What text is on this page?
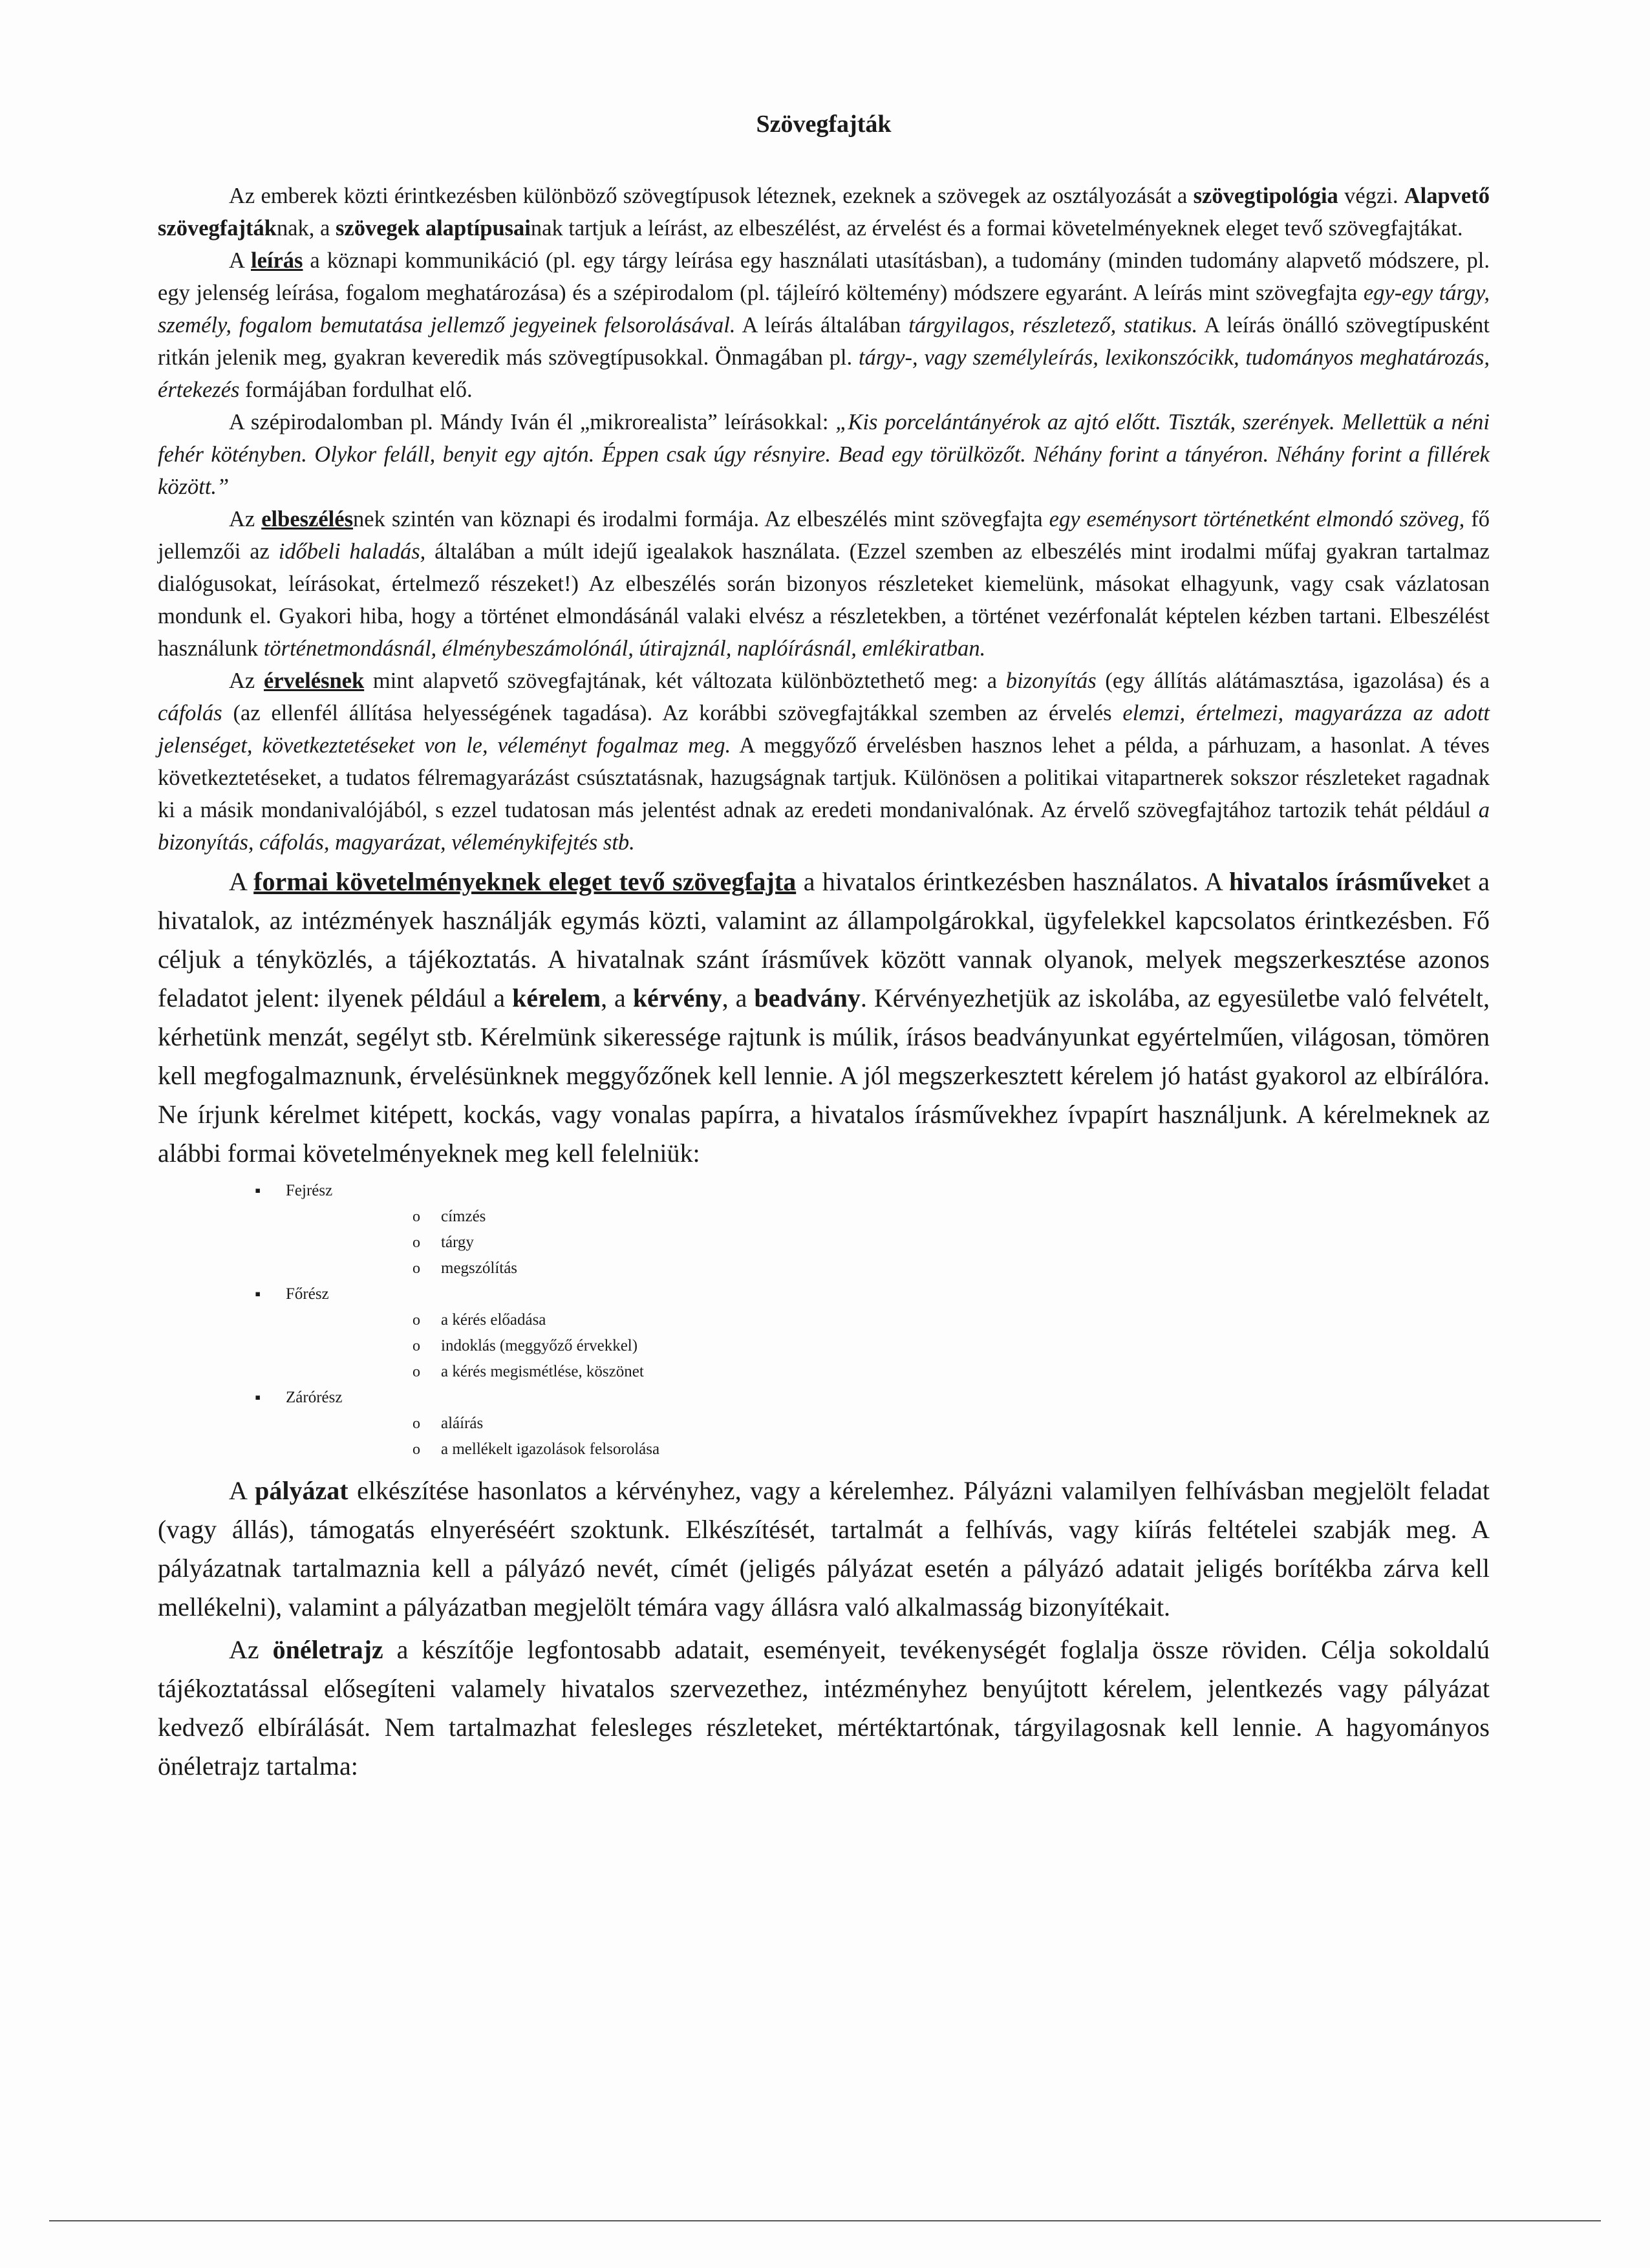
Szövegfajták

Az emberek közti érintkezésben különböző szövegtípusok léteznek, ezeknek a szövegek az osztályozását a szövegtipológia végzi. Alapvető szövegfajtáknak, a szövegek alaptípusainak tartjuk a leírást, az elbeszélést, az érvelést és a formai követelményeknek eleget tevő szövegfajtákat.

A leírás a köznapi kommunikáció (pl. egy tárgy leírása egy használati utasításban), a tudomány (minden tudomány alapvető módszere, pl. egy jelenség leírása, fogalom meghatározása) és a szépirodalom (pl. tájleíró költemény) módszere egyaránt. A leírás mint szövegfajta egy-egy tárgy, személy, fogalom bemutatása jellemző jegyeinek felsorolásával. A leírás általában tárgyilagos, részletező, statikus. A leírás önálló szövegtípusként ritkán jelenik meg, gyakran keveredik más szövegtípusokkal. Önmagában pl. tárgy-, vagy személyleírás, lexikonszócikk, tudományos meghatározás, értekezés formájában fordulhat elő.

A szépirodalomban pl. Mándy Iván él „mikrorealista” leírásokkal: „Kis porcelántányérok az ajtó előtt. Tiszták, szerények. Mellettük a néni fehér kötényben. Olykor feláll, benyit egy ajtón. Éppen csak úgy résnyire. Bead egy törülközőt. Néhány forint a tányéron. Néhány forint a fillérek között.”

Az elbeszélésnek szintén van köznapi és irodalmi formája. Az elbeszélés mint szövegfajta egy eseménysort történetként elmondó szöveg, fő jellemzői az időbeli haladás, általában a múlt idejű igealakok használata. (Ezzel szemben az elbeszélés mint irodalmi műfaj gyakran tartalmaz dialógusokat, leírásokat, értelmező részeket!) Az elbeszélés során bizonyos részleteket kiemelünk, másokat elhagyunk, vagy csak vázlatosan mondunk el. Gyakori hiba, hogy a történet elmondásánál valaki elvész a részletekben, a történet vezérfonalát képtelen kézben tartani. Elbeszélést használunk történetmondásnál, élménybeszámolónál, útirajznál, naplóírásnál, emlékiratban.

Az érvelésnek mint alapvető szövegfajtának, két változata különböztethető meg: a bizonyítás (egy állítás alátámasztása, igazolása) és a cáfolás (az ellenfél állítása helyességének tagadása). Az korábbi szövegfajtákkal szemben az érvelés elemzi, értelmezi, magyarázza az adott jelenséget, következtetéseket von le, véleményt fogalmaz meg. A meggyőző érvelésben hasznos lehet a példa, a párhuzam, a hasonlat. A téves következtetéseket, a tudatos félremagyarázást csúsztatásnak, hazugságnak tartjuk. Különösen a politikai vitapartnerek sokszor részleteket ragadnak ki a másik mondanivalójából, s ezzel tudatosan más jelentést adnak az eredeti mondanivalónak. Az érvelő szövegfajtához tartozik tehát például a bizonyítás, cáfolás, magyarázat, véleménykifejtés stb.

A formai követelményeknek eleget tevő szövegfajta a hivatalos érintkezésben használatos. A hivatalos írásműveket a hivatalok, az intézmények használják egymás közti, valamint az állampolgárokkal, ügyfelekkel kapcsolatos érintkezésben. Fő céljuk a tényközlés, a tájékoztatás. A hivatalnak szánt írásművek között vannak olyanok, melyek megszerkesztése azonos feladatot jelent: ilyenek például a kérelem, a kérvény, a beadvány. Kérvényezhetjük az iskolába, az egyesületbe való felvételt, kérhetünk menzát, segélyt stb. Kérelmünk sikeressége rajtunk is múlik, írásos beadványunkat egyértelműen, világosan, tömören kell megfogalmaznunk, érvelésünknek meggyőzőnek kell lennie. A jól megszerkesztett kérelem jó hatást gyakorol az elbírálóra. Ne írjunk kérelmet kitépett, kockás, vagy vonalas papírra, a hivatalos írásművekhez ívpapírt használjunk. A kérelmeknek az alábbi formai követelményeknek meg kell felelniük:

▪ Fejrész
o címzés
o tárgy
o megszólítás
▪ Főrész
o a kérés előadása
o indoklás (meggyőző érvekkel)
o a kérés megismétlése, köszönet
▪ Zárórész
o aláírás
o a mellékelt igazolások felsorolása

A pályázat elkészítése hasonlatos a kérvényhez, vagy a kérelemhez. Pályázni valamilyen felhívásban megjelölt feladat (vagy állás), támogatás elnyeréséért szoktunk. Elkészítését, tartalmát a felhívás, vagy kiírás feltételei szabják meg. A pályázatnak tartalmaznia kell a pályázó nevét, címét (jeligés pályázat esetén a pályázó adatait jeligés borítékba zárva kell mellékelni), valamint a pályázatban megjelölt témára vagy állásra való alkalmasság bizonyítékait.

Az önéletrajz a készítője legfontosabb adatait, eseményeit, tevékenységét foglalja össze röviden. Célja sokoldalú tájékoztatással elősegíteni valamely hivatalos szervezethez, intézményhez benyújtott kérelem, jelentkezés vagy pályázat kedvező elbírálását. Nem tartalmazhat felesleges részleteket, mértéktartónak, tárgyilagosnak kell lennie. A hagyományos önéletrajz tartalma:
